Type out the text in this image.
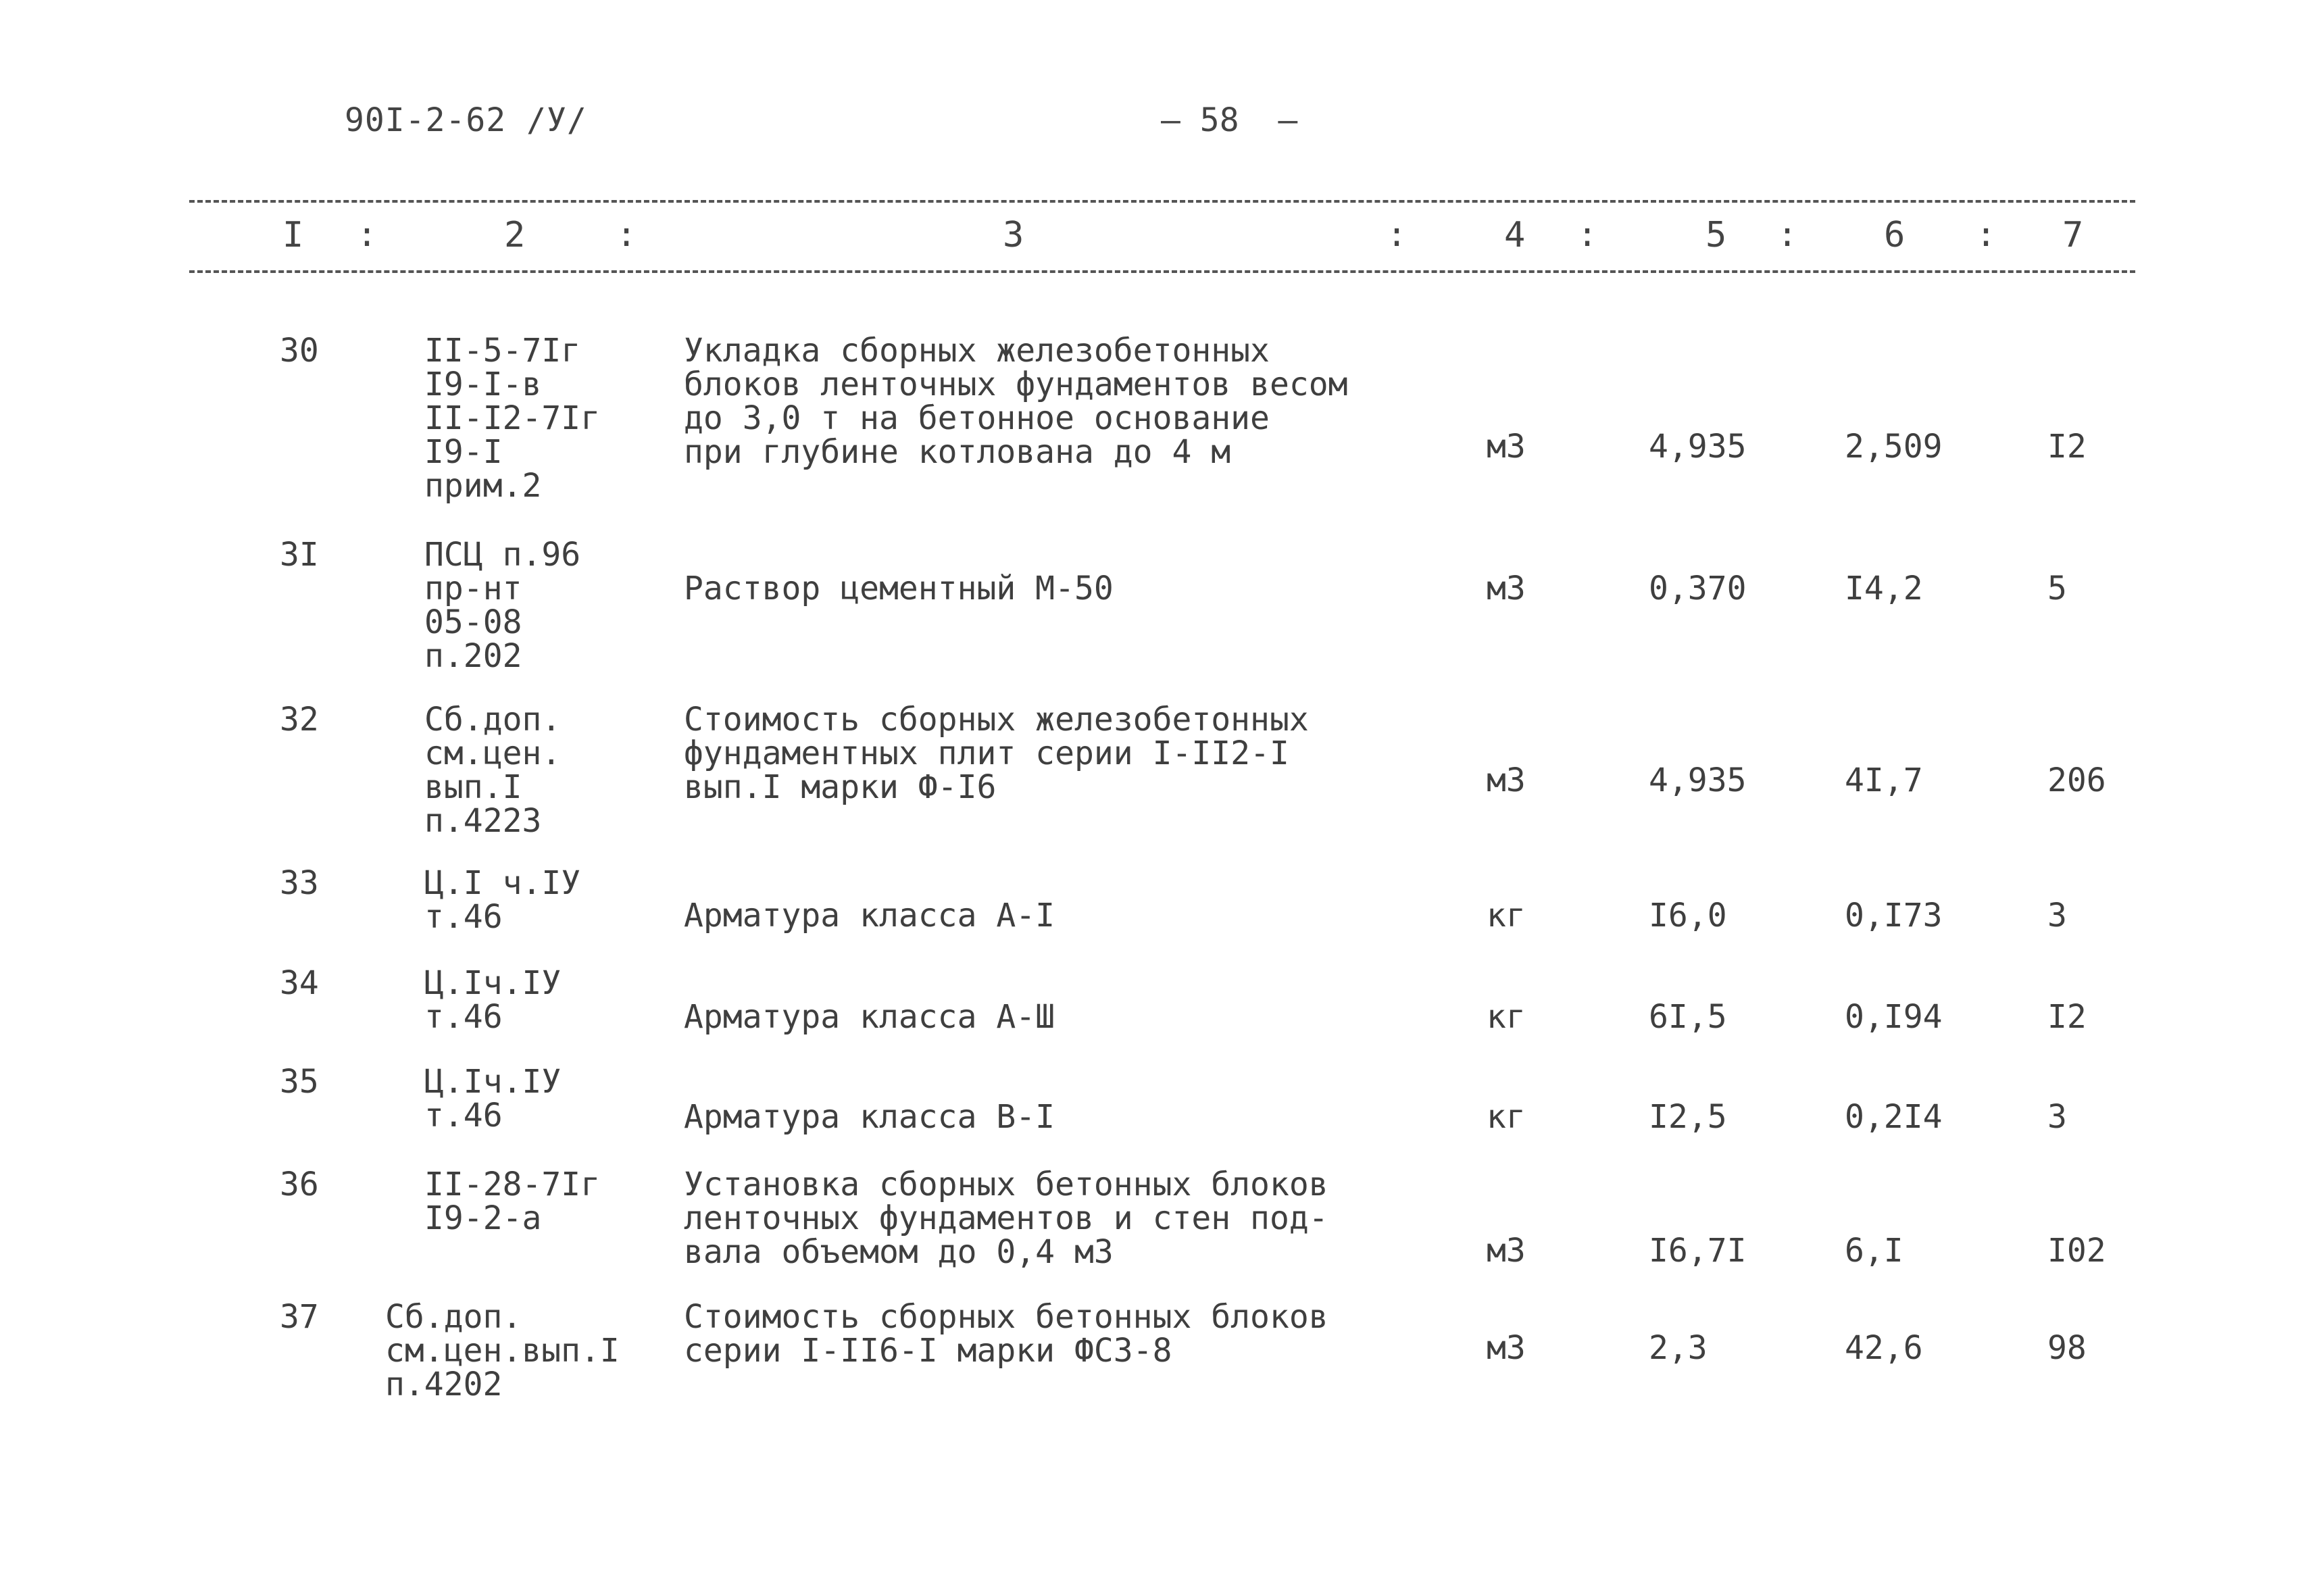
90I-2-62 /У/	– 58  –
I :	2	:	3	:	4 :	5 : 6 : 7
30	II-5-7Iг
I9-I-в
II-I2-7Iг
I9-I
прим.2
Укладка сборных железобетонных
блоков ленточных фундаментов весом
до 3,0 т на бетонное основание
при глубине котлована до 4 м	м3	4,935	2,509	I2
3I	ПСЦ п.96
пр-нт
05-08
п.202
Раствор цементный М-50	м3	0,370	I4,2	5
32	Сб.доп.
см.цен.
вып.I
п.4223
Стоимость сборных железобетонных
фундаментных плит серии I-II2-I
вып.I марки Ф-I6	м3	4,935	4I,7	206
33	Ц.I ч.IУ
т.46	Арматура класса А-I	кг	I6,0	0,I73	3
34	Ц.Iч.IУ
т.46	Арматура класса А-Ш	кг	6I,5	0,I94	I2
35	Ц.Iч.IУ
т.46	Арматура класса В-I	кг	I2,5	0,2I4	3
36	II-28-7Iг
I9-2-а
Установка сборных бетонных блоков
ленточных фундаментов и стен под-
вала объемом до 0,4 м3	м3	I6,7I	6,I	I02
37 Сб.доп.
см.цен.вып.I
п.4202
Стоимость сборных бетонных блоков
серии I-II6-I марки ФС3-8	м3	2,3	42,6	98
